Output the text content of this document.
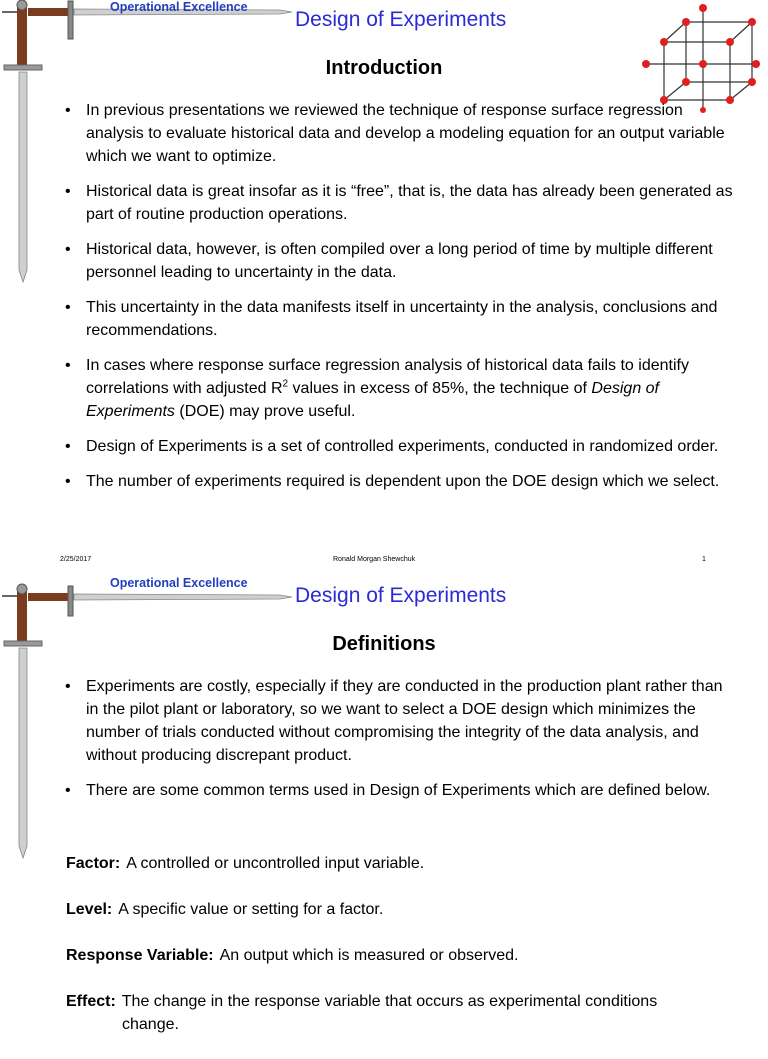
Operational Excellence
Design of Experiments
Introduction
• In previous presentations we reviewed the technique of response surface regression analysis to evaluate historical data and develop a modeling equation for an output variable which we want to optimize.
• Historical data is great insofar as it is “free”, that is, the data has already been generated as part of routine production operations.
• Historical data, however, is often compiled over a long period of time by multiple different personnel leading to uncertainty in the data.
• This uncertainty in the data manifests itself in uncertainty in the analysis, conclusions and recommendations.
• In cases where response surface regression analysis of historical data fails to identify correlations with adjusted $R^2$ values in excess of 85%, the technique of Design of Experiments (DOE) may prove useful.
• Design of Experiments is a set of controlled experiments, conducted in randomized order.
• The number of experiments required is dependent upon the DOE design which we select.
2/25/2017	Ronald Morgan Shewchuk	1
Operational Excellence
Design of Experiments
Definitions
• Experiments are costly, especially if they are conducted in the production plant rather than in the pilot plant or laboratory, so we want to select a DOE design which minimizes the number of trials conducted without compromising the integrity of the data analysis, and without producing discrepant product.
• There are some common terms used in Design of Experiments which are defined below.
Factor: A controlled or uncontrolled input variable.
Level: A specific value or setting for a factor.
Response Variable: An output which is measured or observed.
Effect: The change in the response variable that occurs as experimental conditions
change.
